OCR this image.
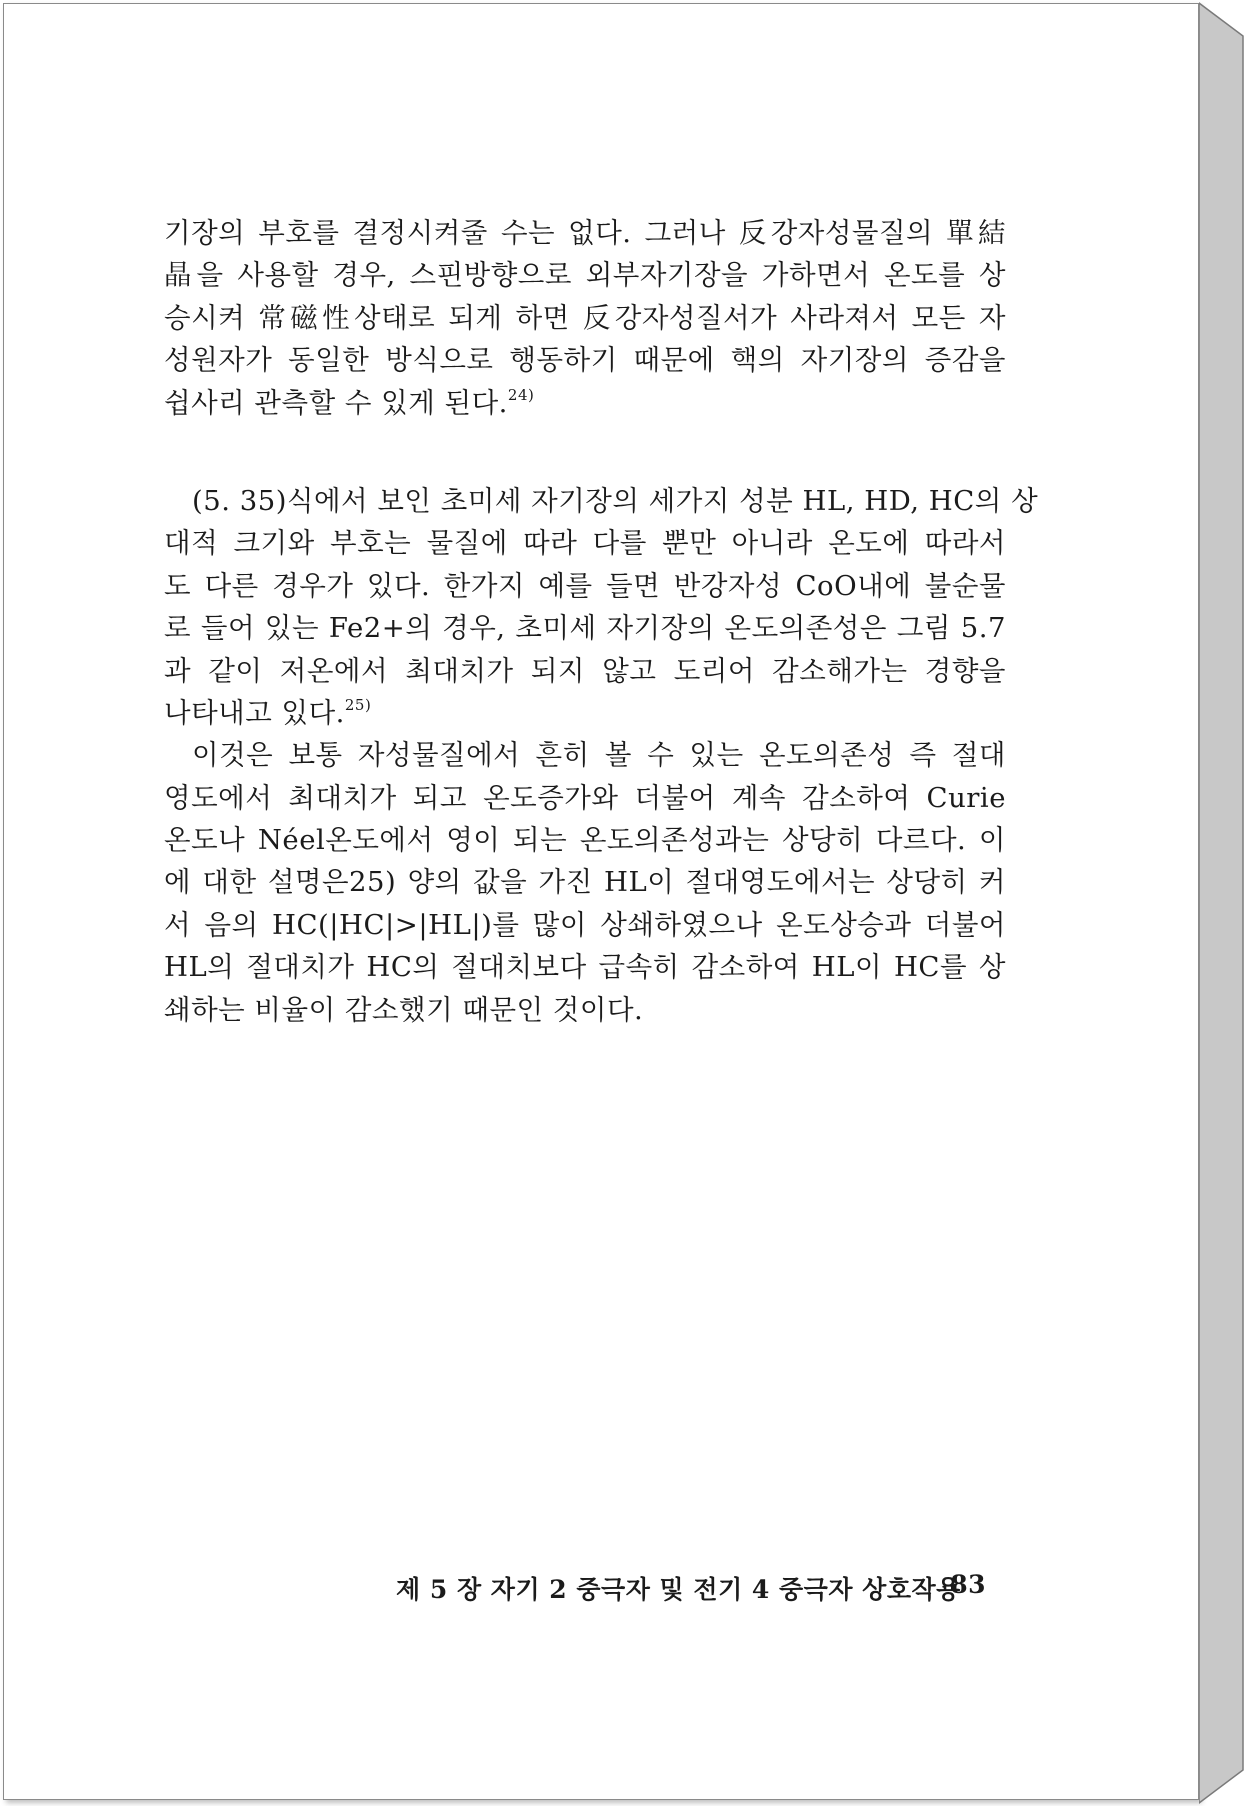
기장의 부호를 결정시켜줄 수는 없다. 그러나 反강자성물질의 單結
晶을 사용할 경우, 스핀방향으로 외부자기장을 가하면서 온도를 상
승시켜 常磁性상태로 되게 하면 反강자성질서가 사라져서 모든 자
성원자가 동일한 방식으로 행동하기 때문에 핵의 자기장의 증감을
쉽사리 관측할 수 있게 된다.$^{24)}$
(5. 35)식에서 보인 초미세 자기장의 세가지 성분 HL, HD, HC의 상
대적 크기와 부호는 물질에 따라 다를 뿐만 아니라 온도에 따라서
도 다른 경우가 있다. 한가지 예를 들면 반강자성 CoO내에 불순물
로 들어 있는 Fe2+의 경우, 초미세 자기장의 온도의존성은 그림 5.7
과 같이 저온에서 최대치가 되지 않고 도리어 감소해가는 경향을
나타내고 있다.$^{25)}$
이것은 보통 자성물질에서 흔히 볼 수 있는 온도의존성 즉 절대
영도에서 최대치가 되고 온도증가와 더불어 계속 감소하여 Curie
온도나 Néel온도에서 영이 되는 온도의존성과는 상당히 다르다. 이
에 대한 설명은25) 양의 값을 가진 HL이 절대영도에서는 상당히 커
서 음의 HC(|HC|>|HL|)를 많이 상쇄하였으나 온도상승과 더불어
HL의 절대치가 HC의 절대치보다 급속히 감소하여 HL이 HC를 상
쇄하는 비율이 감소했기 때문인 것이다.
제 5 장 자기 2 중극자 및 전기 4 중극자 상호작용
83
